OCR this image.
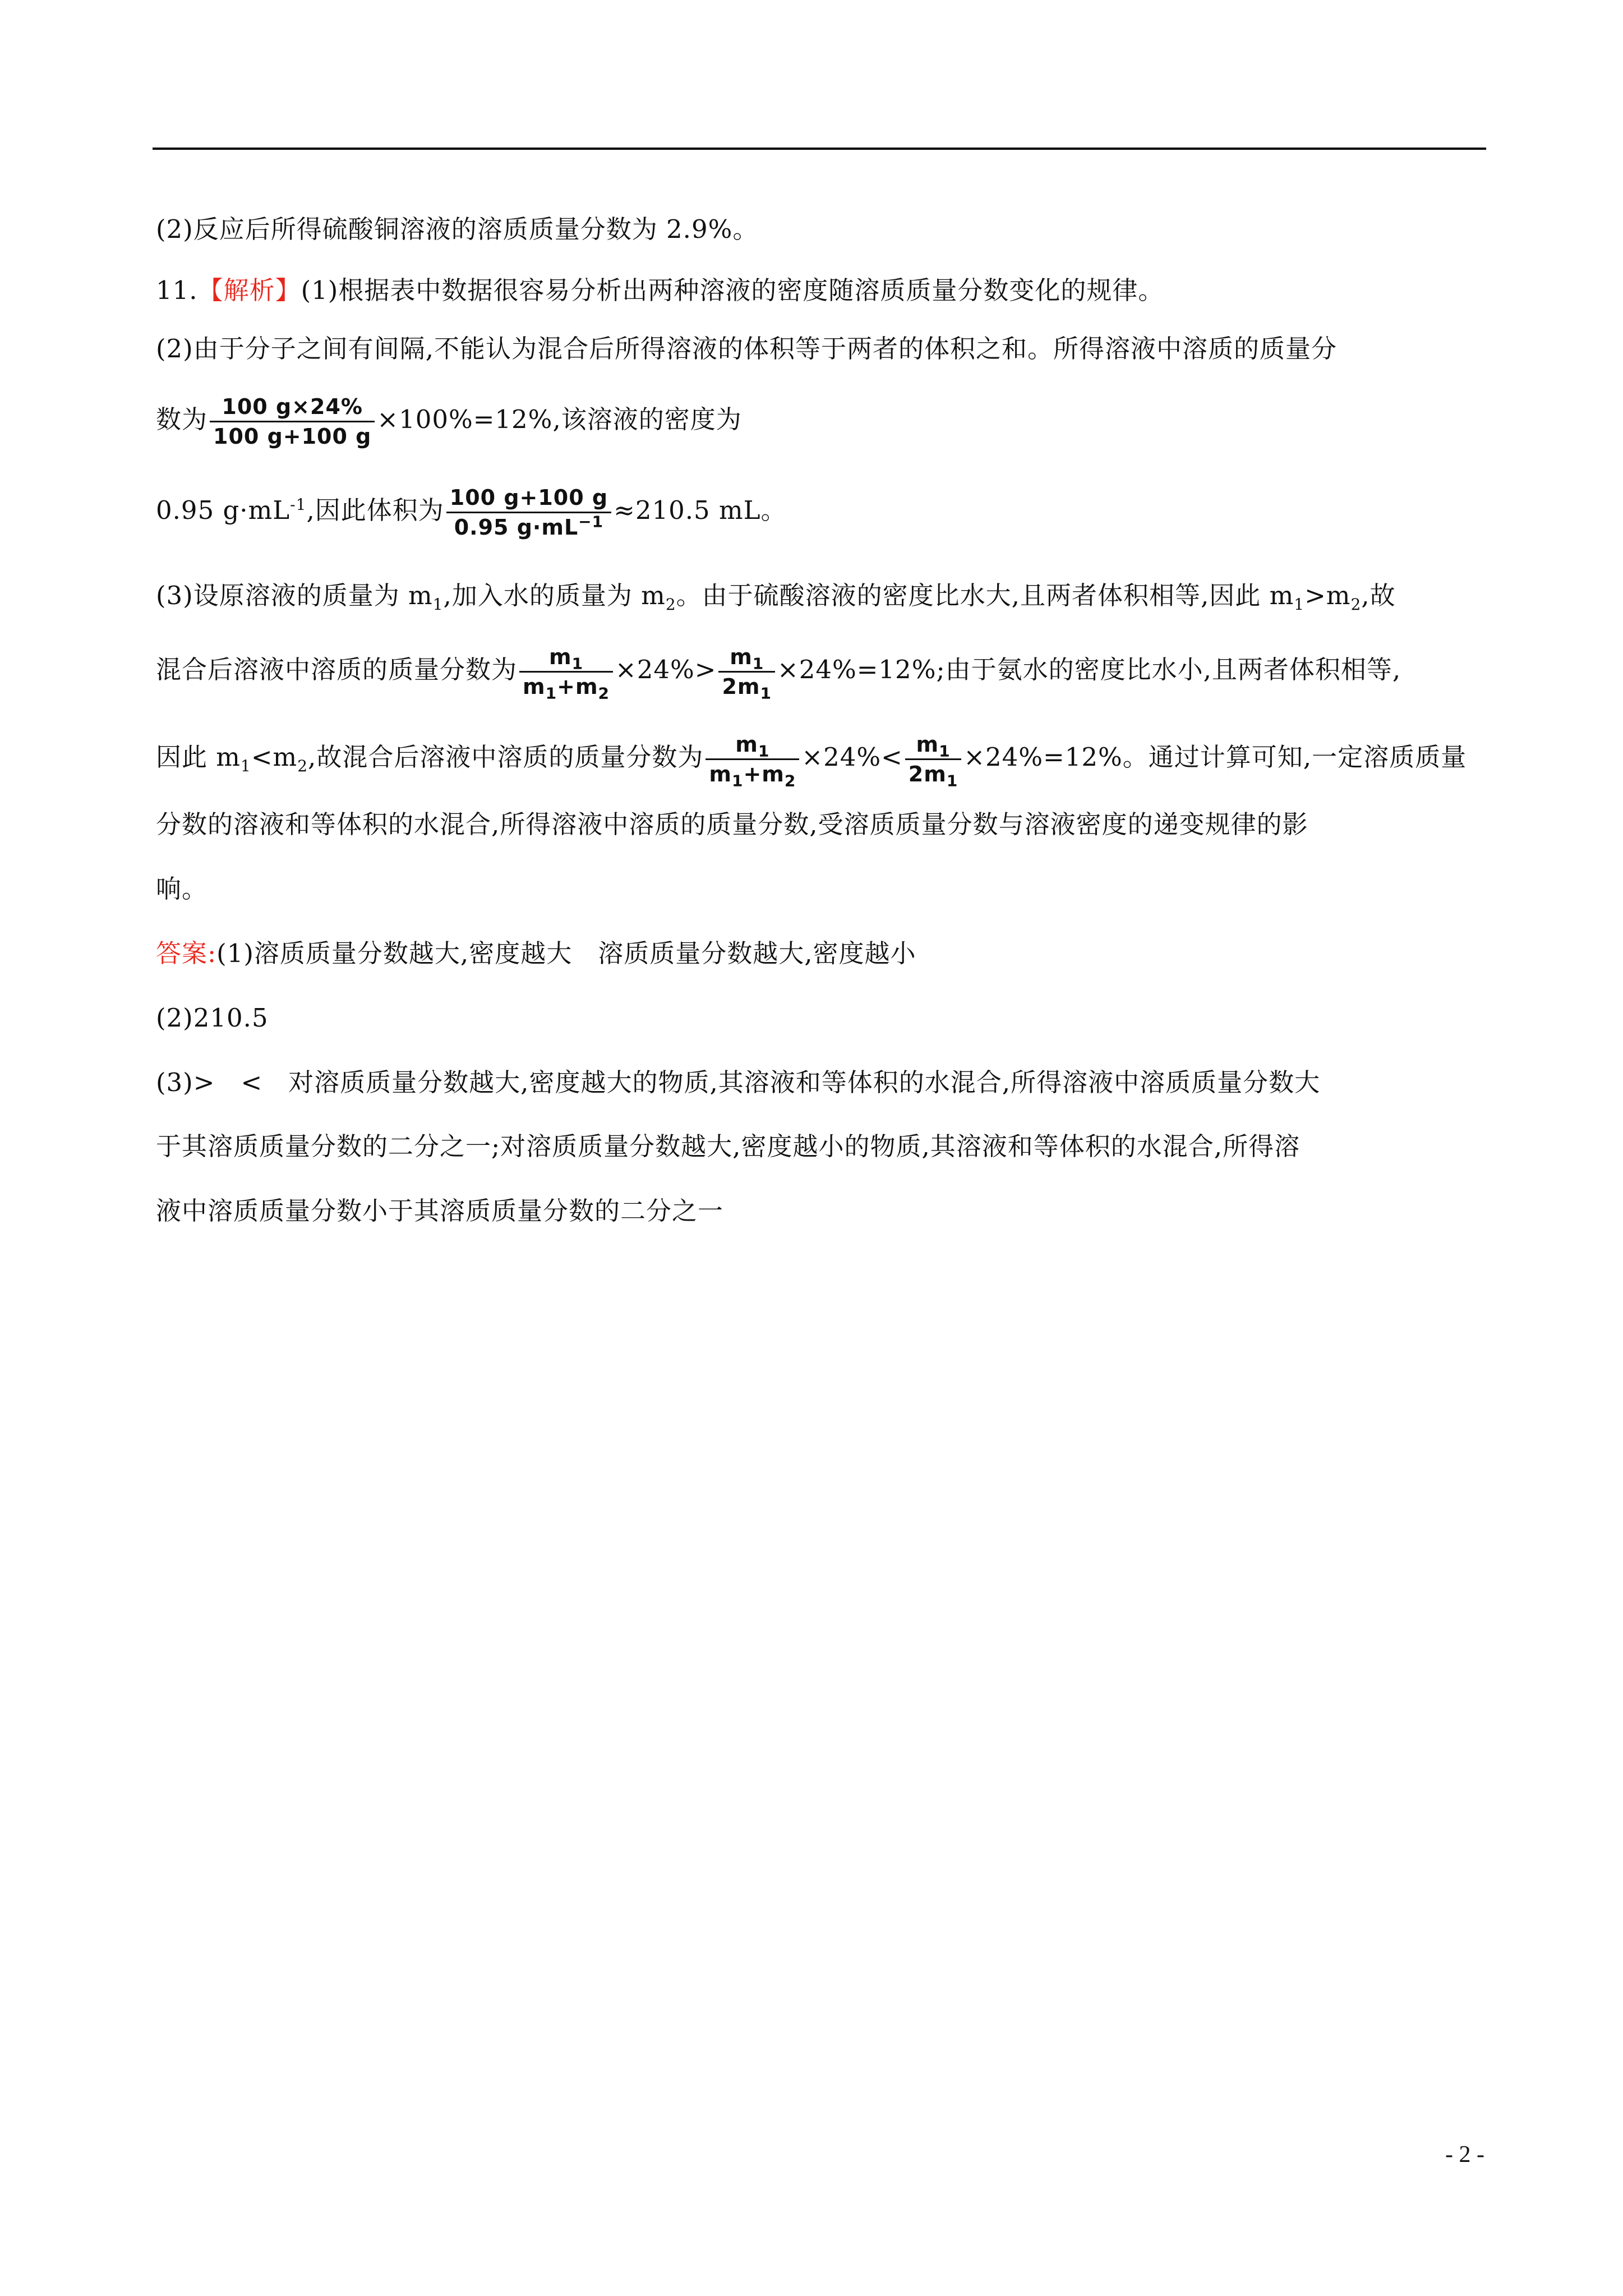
(2)反应后所得硫酸铜溶液的溶质质量分数为 2.9%。
11.【解析】(1)根据表中数据很容易分析出两种溶液的密度随溶质质量分数变化的规律。
(2)由于分子之间有间隔,不能认为混合后所得溶液的体积等于两者的体积之和。所得溶液中溶质的质量分
数为 $\frac{100 g\times 24\%}{100 g+100 g} \times 100\%=12\%$,该溶液的密度为
0.95 $g\cdot mL^{-1}$,因此体积为 $\frac{100 g+100 g}{0.95 g\cdot mL^{-1}} \approx 210.5$ mL。
(3)设原溶液的质量为 $m_1$,加入水的质量为 $m_2$。由于硫酸溶液的密度比水大,且两者体积相等,因此 $m_1>m_2$,故
混合后溶液中溶质的质量分数为 $\frac{m_1}{m_1+m_2} \times 24\%> \frac{m_1}{2m_1} \times 24\%=12\%$;由于氨水的密度比水小,且两者体积相等,
因此 $m_1<m_2$,故混合后溶液中溶质的质量分数为 $\frac{m_1}{m_1+m_2} \times 24\%< \frac{m_1}{2m_1} \times 24\%=12\%$。通过计算可知,一定溶质质量
分数的溶液和等体积的水混合,所得溶液中溶质的质量分数,受溶质质量分数与溶液密度的递变规律的影
响。
答案:(1)溶质质量分数越大,密度越大　溶质质量分数越大,密度越小
(2)210.5
(3)>　<　对溶质质量分数越大,密度越大的物质,其溶液和等体积的水混合,所得溶液中溶质质量分数大
于其溶质质量分数的二分之一;对溶质质量分数越大,密度越小的物质,其溶液和等体积的水混合,所得溶
液中溶质质量分数小于其溶质质量分数的二分之一
- 2 -
